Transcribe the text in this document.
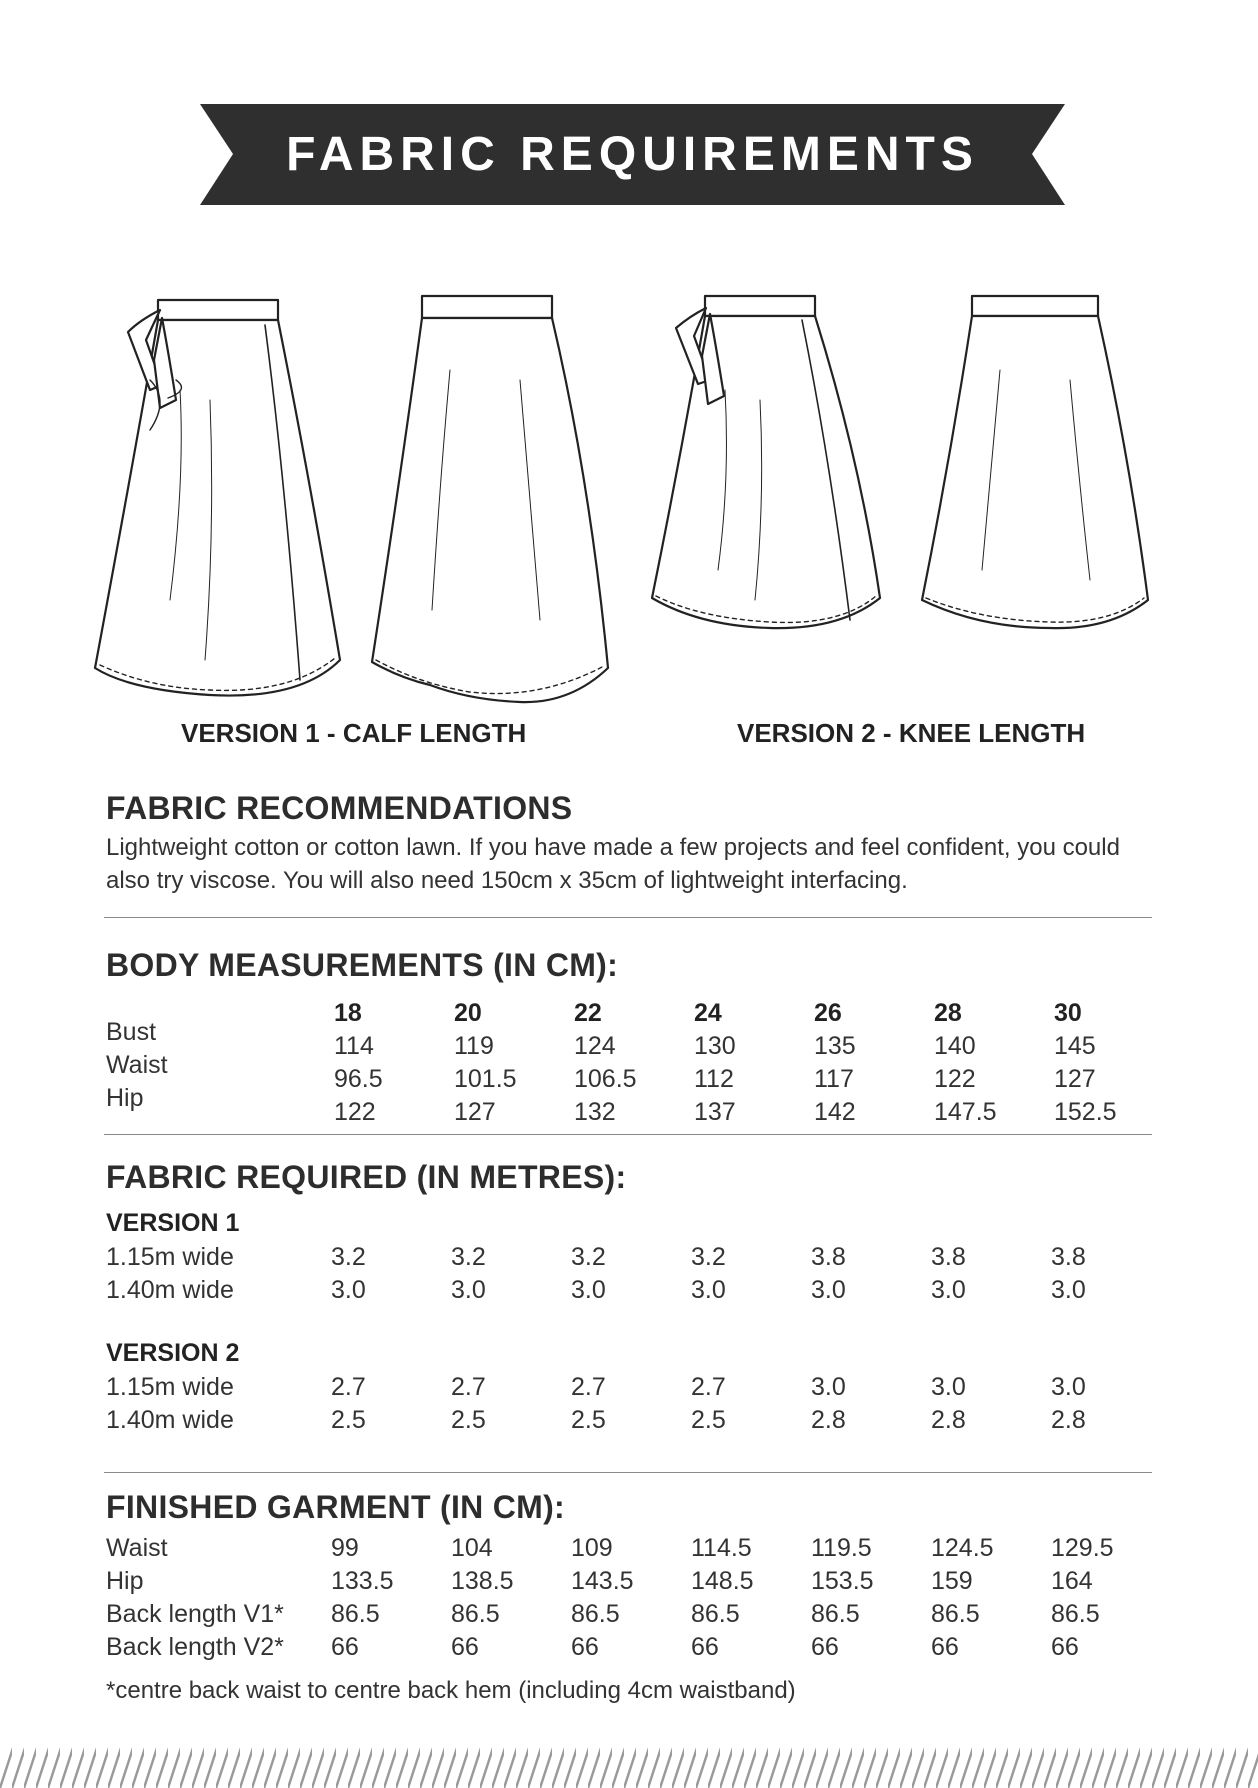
FABRIC REQUIREMENTS
VERSION 1 - CALF LENGTH	VERSION 2 - KNEE LENGTH
FABRIC RECOMMENDATIONS
Lightweight cotton or cotton lawn. If you have made a few projects and feel confident, you could also try viscose. You will also need 150cm x 35cm of lightweight interfacing.
BODY MEASUREMENTS (IN CM):
18	20	22	24	26	28	30
Bust	114	119	124	130	135	140	145
Waist	96.5	101.5 106.5 112	117	122	127
Hip	122	127	132	137	142	147.5 152.5
FABRIC REQUIRED (IN METRES):
VERSION 1
1.15m wide	3.2	3.2	3.2	3.2	3.8	3.8	3.8
1.40m wide	3.0	3.0	3.0	3.0	3.0	3.0	3.0
VERSION 2
1.15m wide	2.7	2.7	2.7	2.7	3.0	3.0	3.0
1.40m wide	2.5	2.5	2.5	2.5	2.8	2.8	2.8
FINISHED GARMENT (IN CM):
Waist	99	104	109	114.5 119.5 124.5 129.5
Hip	133.5 138.5 143.5 148.5 153.5 159	164
Back length V1* 86.5	86.5	86.5	86.5	86.5	86.5	86.5
Back length V2* 66	66	66	66	66	66	66
*centre back waist to centre back hem (including 4cm waistband)
